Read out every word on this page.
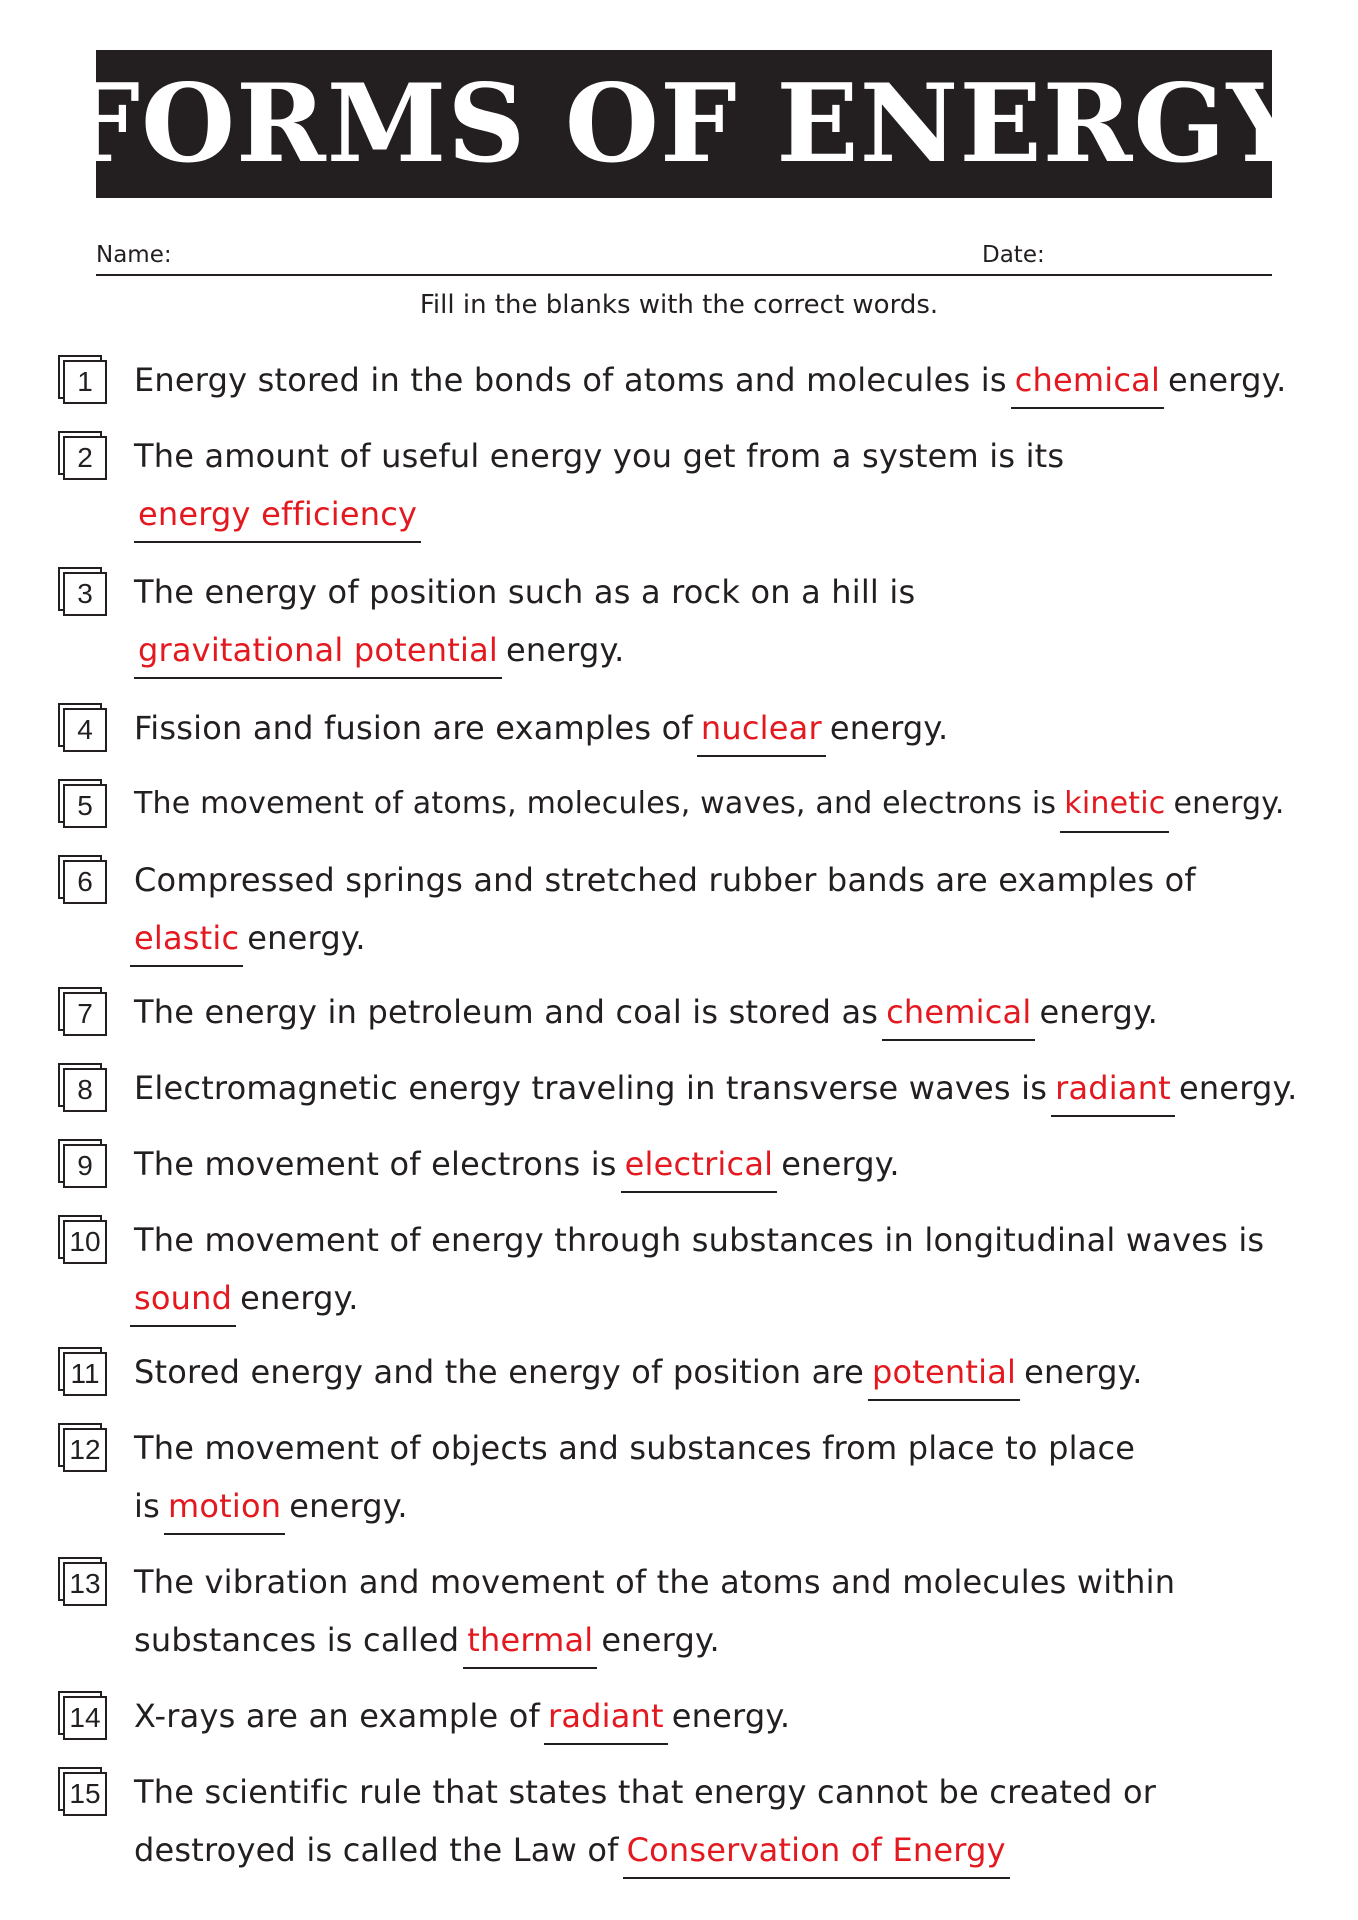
FORMS OF ENERGY
Name:	Date:
Fill in the blanks with the correct words.
1	Energy stored in the bonds of atoms and molecules is chemical energy.
2	The amount of useful energy you get from a system is its
energy efficiency
3	The energy of position such as a rock on a hill is
gravitational potential energy.
4	Fission and fusion are examples of nuclear energy.
5	The movement of atoms, molecules, waves, and electrons is kinetic energy.
6	Compressed springs and stretched rubber bands are examples of
elastic energy.
7	The energy in petroleum and coal is stored as chemical energy.
8	Electromagnetic energy traveling in transverse waves is radiant energy.
9	The movement of electrons is electrical energy.
10 The movement of energy through substances in longitudinal waves is
sound energy.
11 Stored energy and the energy of position are potential energy.
12 The movement of objects and substances from place to place
is motion energy.
13 The vibration and movement of the atoms and molecules within
substances is called thermal energy.
14 X-rays are an example of radiant energy.
15 The scientific rule that states that energy cannot be created or
destroyed is called the Law of Conservation of Energy
